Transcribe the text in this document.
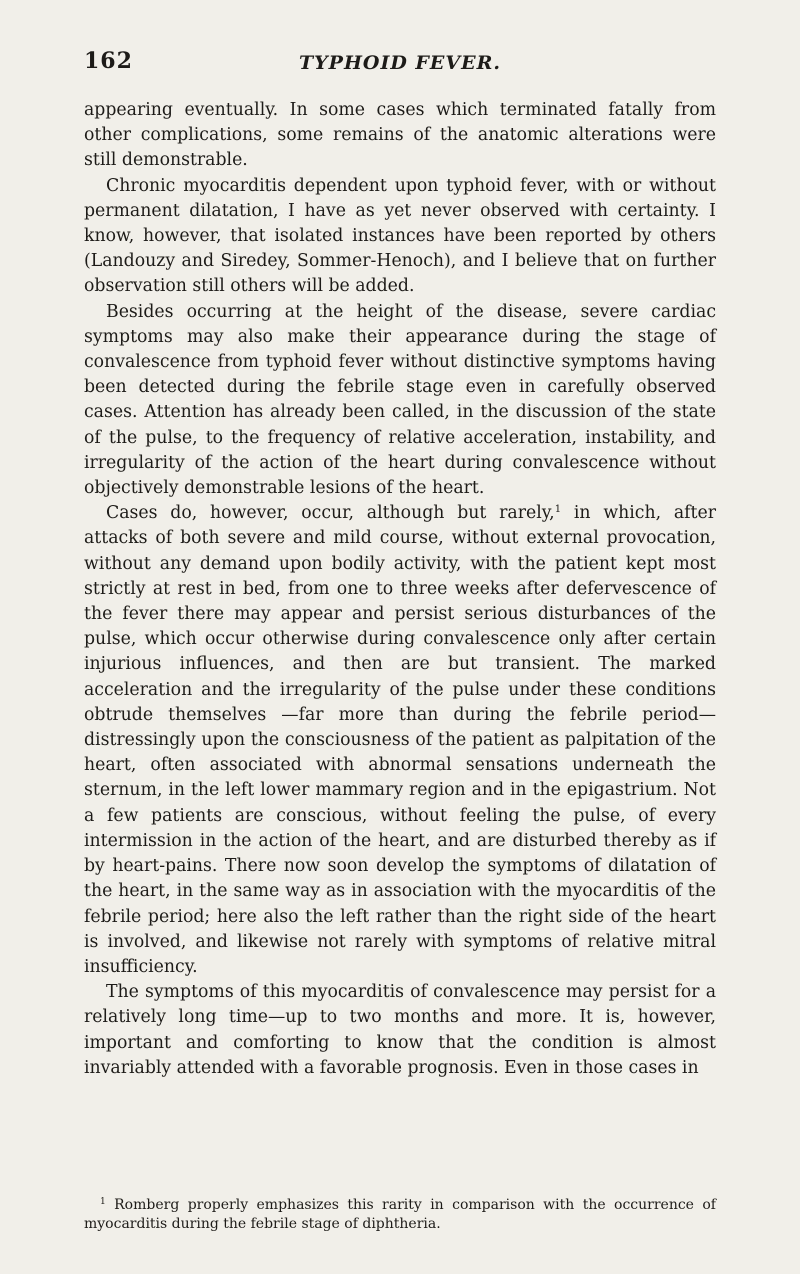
162	TYPHOID FEVER.

appearing eventually. In some cases which terminated fatally from other complications, some remains of the anatomic alterations were still demonstrable.

Chronic myocarditis dependent upon typhoid fever, with or without permanent dilatation, I have as yet never observed with certainty. I know, however, that isolated instances have been reported by others (Landouzy and Siredey, Sommer-Henoch), and I believe that on further observation still others will be added.

Besides occurring at the height of the disease, severe cardiac symptoms may also make their appearance during the stage of convalescence from typhoid fever without distinctive symptoms having been detected during the febrile stage even in carefully observed cases. Attention has already been called, in the discussion of the state of the pulse, to the frequency of relative acceleration, instability, and irregularity of the action of the heart during convalescence without objectively demonstrable lesions of the heart.

Cases do, however, occur, although but rarely,$^1$ in which, after attacks of both severe and mild course, without external provocation, without any demand upon bodily activity, with the patient kept most strictly at rest in bed, from one to three weeks after defervescence of the fever there may appear and persist serious disturbances of the pulse, which occur otherwise during convalescence only after certain injurious influences, and then are but transient. The marked acceleration and the irregularity of the pulse under these conditions obtrude themselves —far more than during the febrile period—distressingly upon the consciousness of the patient as palpitation of the heart, often associated with abnormal sensations underneath the sternum, in the left lower mammary region and in the epigastrium. Not a few patients are conscious, without feeling the pulse, of every intermission in the action of the heart, and are disturbed thereby as if by heart-pains. There now soon develop the symptoms of dilatation of the heart, in the same way as in association with the myocarditis of the febrile period; here also the left rather than the right side of the heart is involved, and likewise not rarely with symptoms of relative mitral insufficiency.

The symptoms of this myocarditis of convalescence may persist for a relatively long time—up to two months and more. It is, however, important and comforting to know that the condition is almost invariably attended with a favorable prognosis. Even in those cases in

$^1$ Romberg properly emphasizes this rarity in comparison with the occurrence of myocarditis during the febrile stage of diphtheria.
